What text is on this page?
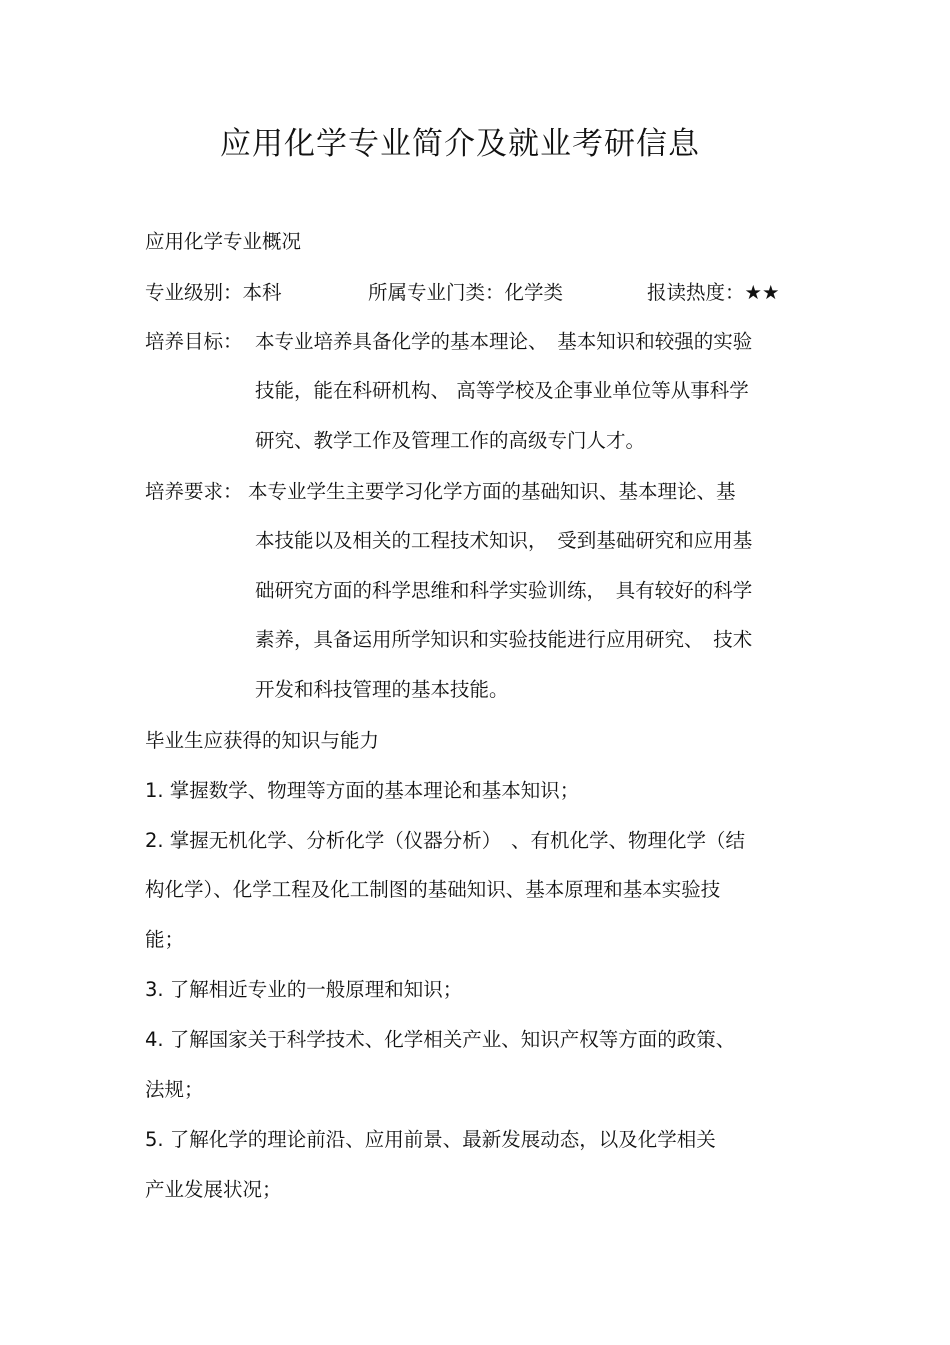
应用化学专业简介及就业考研信息
应用化学专业概况
专业级别：本科	所属专业门类：化学类	报读热度：★★
培养目标： 本专业培养具备化学的基本理论、　基本知识和较强的实验
技能，能在科研机构、 高等学校及企事业单位等从事科学
研究、教学工作及管理工作的高级专门人才。
培养要求： 本专业学生主要学习化学方面的基础知识、基本理论、基
本技能以及相关的工程技术知识，　受到基础研究和应用基
础研究方面的科学思维和科学实验训练，　具有较好的科学
素养，具备运用所学知识和实验技能进行应用研究、　技术
开发和科技管理的基本技能。
毕业生应获得的知识与能力
1. 掌握数学、物理等方面的基本理论和基本知识；
2. 掌握无机化学、分析化学（仪器分析）　、有机化学、物理化学（结
构化学）、化学工程及化工制图的基础知识、基本原理和基本实验技
能；
3. 了解相近专业的一般原理和知识；
4. 了解国家关于科学技术、化学相关产业、知识产权等方面的政策、
法规；
5. 了解化学的理论前沿、应用前景、最新发展动态，以及化学相关
产业发展状况；
